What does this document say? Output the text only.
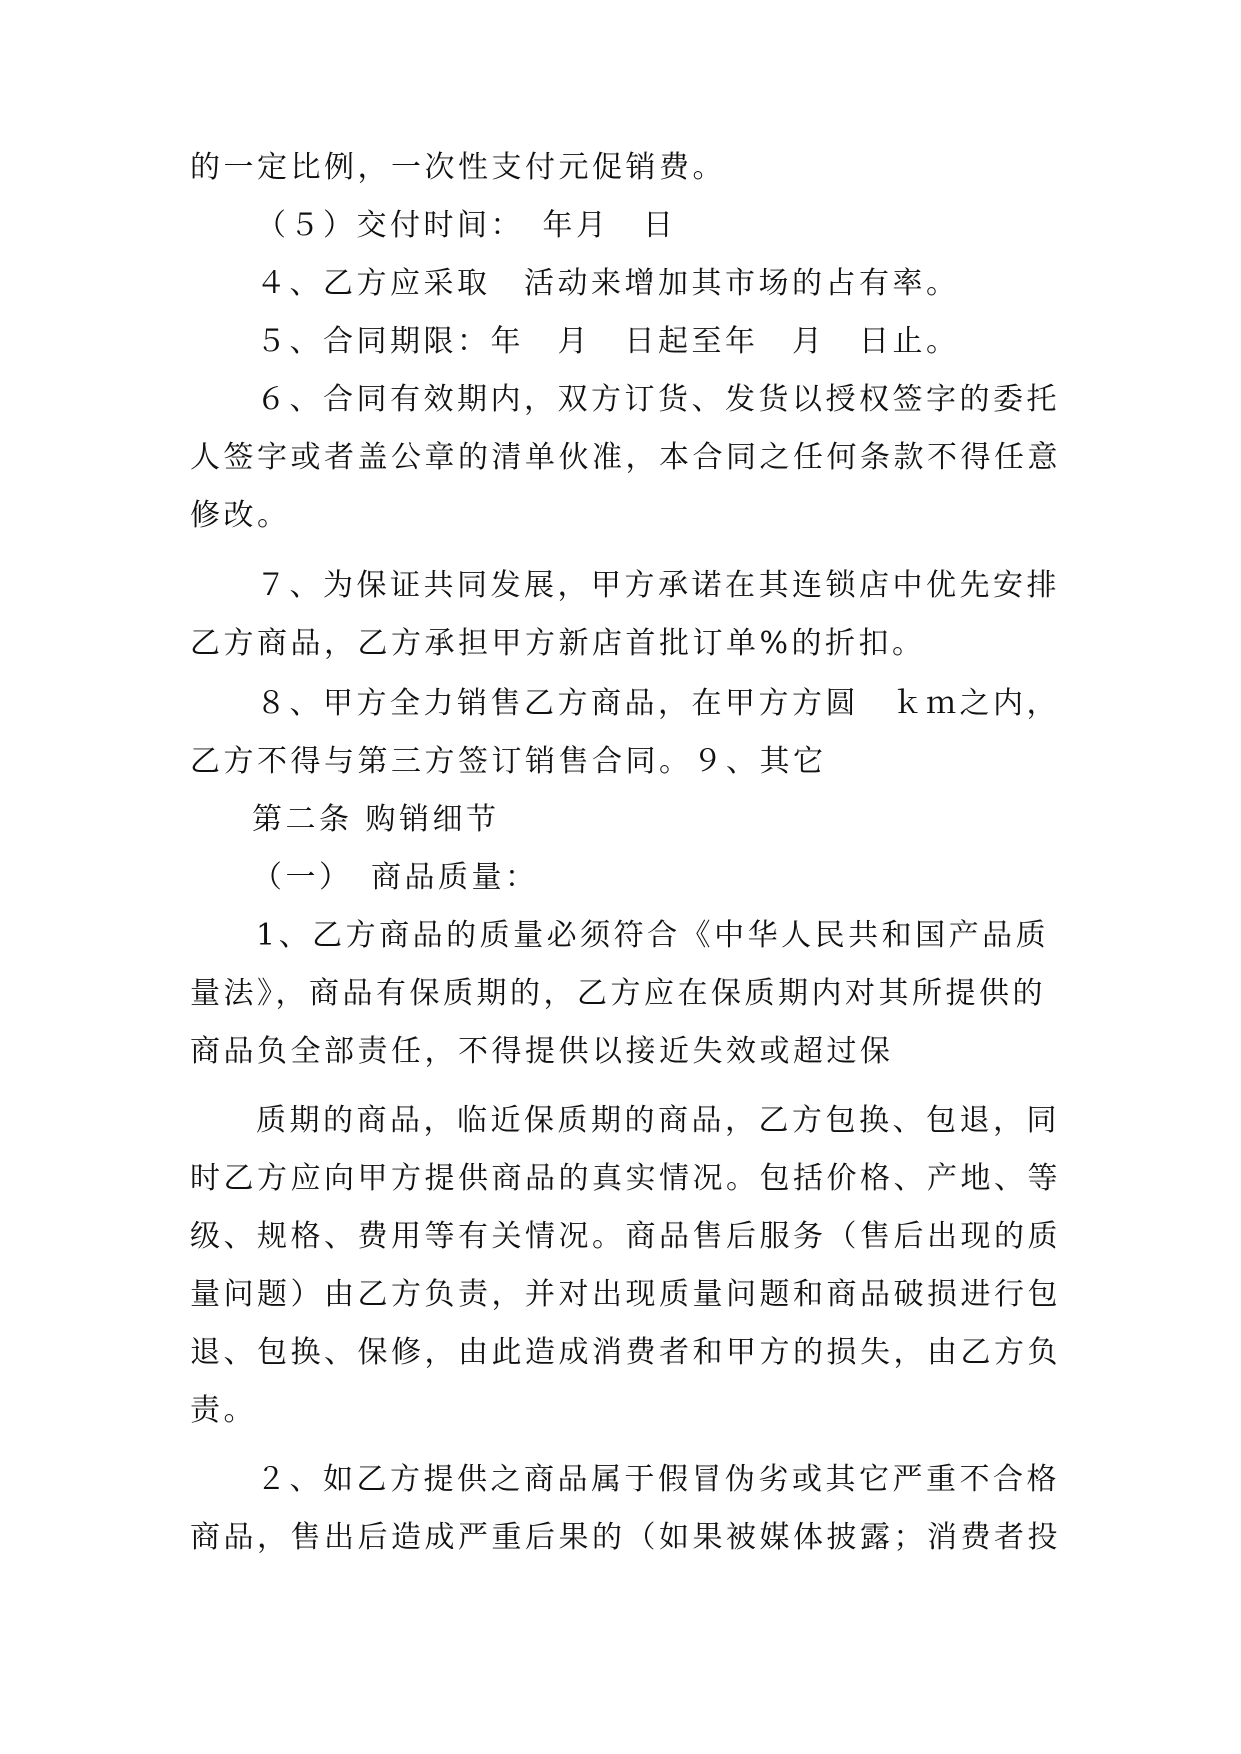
的一定比例，一次性支付元促销费。
（５）交付时间：　年月　日
４、乙方应采取　活动来增加其市场的占有率。
５、合同期限：年　月　日起至年　月　日止。
６、合同有效期内，双方订货、发货以授权签字的委托
人签字或者盖公章的清单伙准，本合同之任何条款不得任意
修改。
７、为保证共同发展，甲方承诺在其连锁店中优先安排
乙方商品，乙方承担甲方新店首批订单%的折扣。
８、甲方全力销售乙方商品，在甲方方圆　ｋｍ之内，
乙方不得与第三方签订销售合同。９、其它
第二条 购销细节
（一）　商品质量：
1、乙方商品的质量必须符合《中华人民共和国产品质
量法》，商品有保质期的，乙方应在保质期内对其所提供的
商品负全部责任，不得提供以接近失效或超过保
质期的商品，临近保质期的商品，乙方包换、包退，同
时乙方应向甲方提供商品的真实情况。包括价格、产地、等
级、规格、费用等有关情况。商品售后服务（售后出现的质
量问题）由乙方负责，并对出现质量问题和商品破损进行包
退、包换、保修，由此造成消费者和甲方的损失，由乙方负
责。
２、如乙方提供之商品属于假冒伪劣或其它严重不合格
商品，售出后造成严重后果的（如果被媒体披露；消费者投
